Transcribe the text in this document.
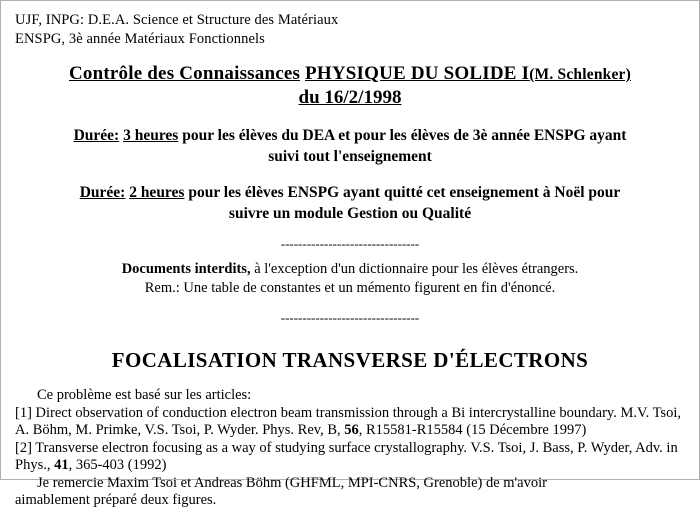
UJF, INPG: D.E.A. Science et Structure des Matériaux
ENSPG, 3è année Matériaux Fonctionnels
Contrôle des Connaissances PHYSIQUE DU SOLIDE I(M. Schlenker)
du 16/2/1998
Durée: 3 heures pour les élèves du DEA et pour les élèves de 3è année ENSPG ayant
suivi tout l'enseignement
Durée: 2 heures pour les élèves ENSPG ayant quitté cet enseignement à Noël pour
suivre un module Gestion ou Qualité
--------------------------------
Documents interdits, à l'exception d'un dictionnaire pour les élèves étrangers.
Rem.: Une table de constantes et un mémento figurent en fin d'énoncé.
--------------------------------
FOCALISATION TRANSVERSE D'ÉLECTRONS

Ce problème est basé sur les articles:

[1] Direct observation of conduction electron beam transmission through a Bi intercrystalline boundary. M.V. Tsoi, A. Böhm, M. Primke, V.S. Tsoi, P. Wyder. Phys. Rev, B, 56, R15581-R15584 (15 Décembre 1997)

[2] Transverse electron focusing as a way of studying surface crystallography. V.S. Tsoi, J. Bass, P. Wyder, Adv. in Phys., 41, 365-403 (1992)

Je remercie Maxim Tsoi et Andreas Böhm (GHFML, MPI-CNRS, Grenoble) de m'avoir

aimablement préparé deux figures.
